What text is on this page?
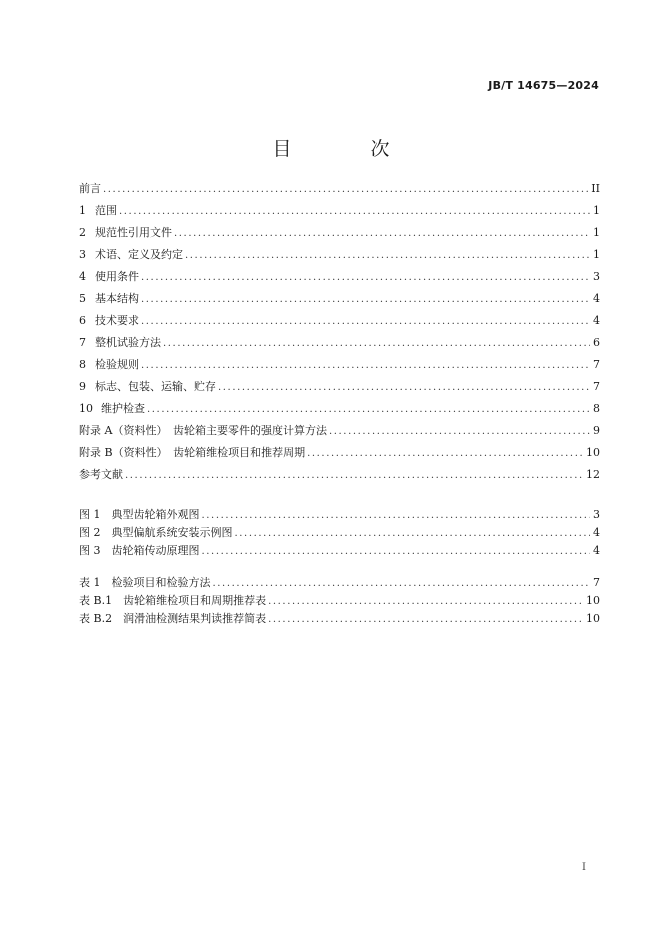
JB/T 14675—2024
目　次
前言 .....	II
1 范围 .....	1
2 规范性引用文件 .....	1
3 术语、定义及约定 .....	1
4 使用条件 .....	3
5 基本结构 .....	4
6 技术要求 .....	4
7 整机试验方法 .....	6
8 检验规则 .....	7
9 标志、包装、运输、贮存 .....	7
10 维护检查 .....	8
附录 A（资料性）　齿轮箱主要零件的强度计算方法 .....	9
附录 B（资料性）　齿轮箱维检项目和推荐周期 .....	10
参考文献 .....	12
图 1　典型齿轮箱外观图 .....	3
图 2　典型偏航系统安装示例图 .....	4
图 3　齿轮箱传动原理图 .....	4
表 1　检验项目和检验方法 .....	7
表 B.1　齿轮箱维检项目和周期推荐表 .....	10
表 B.2　润滑油检测结果判读推荐简表 .....	10
I
